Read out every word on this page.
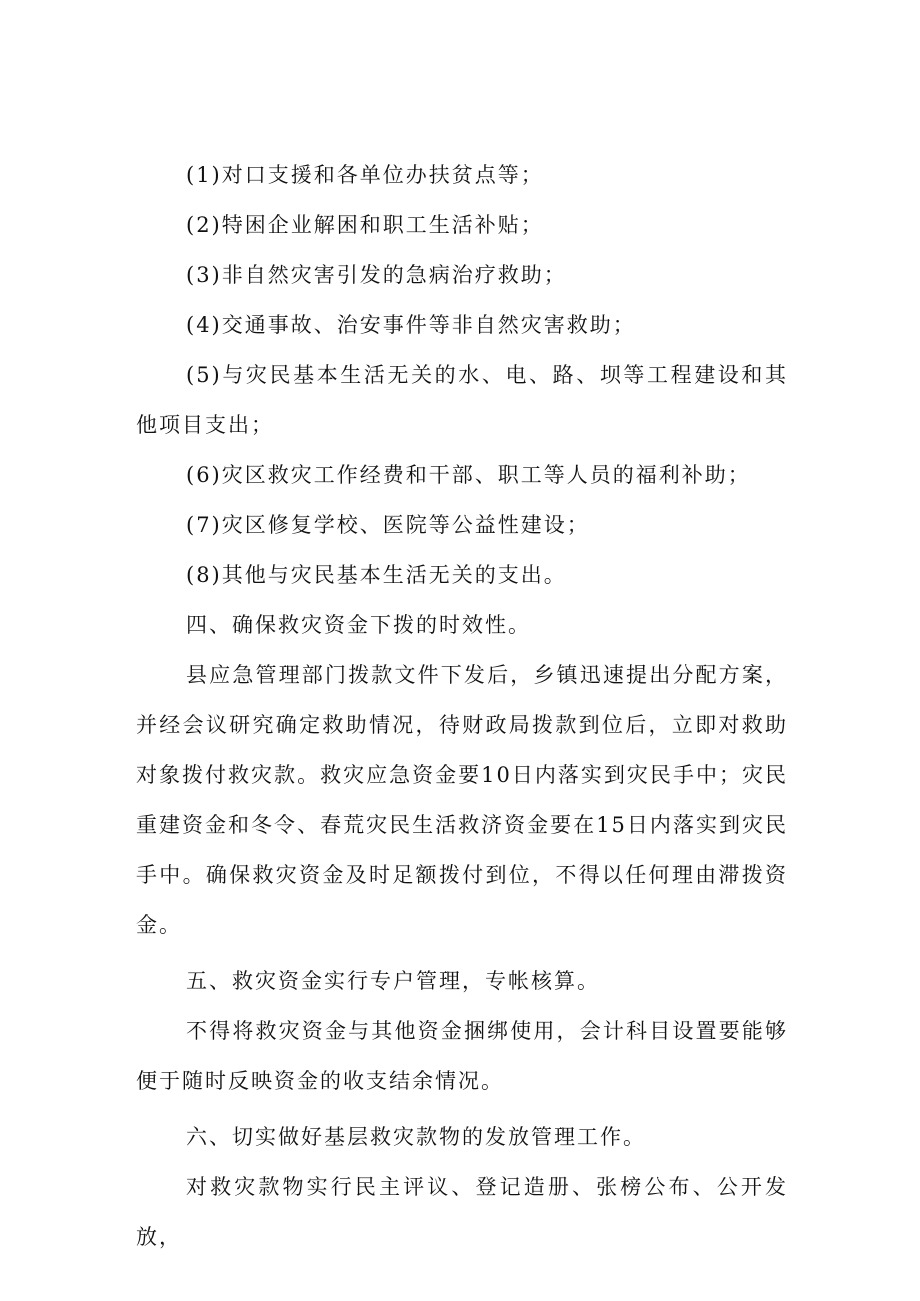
(1)对口支援和各单位办扶贫点等；

(2)特困企业解困和职工生活补贴；

(3)非自然灾害引发的急病治疗救助；

(4)交通事故、治安事件等非自然灾害救助；

(5)与灾民基本生活无关的水、电、路、坝等工程建设和其他项目支出；

(6)灾区救灾工作经费和干部、职工等人员的福利补助；

(7)灾区修复学校、医院等公益性建设；

(8)其他与灾民基本生活无关的支出。

四、确保救灾资金下拨的时效性。

县应急管理部门拨款文件下发后，乡镇迅速提出分配方案，并经会议研究确定救助情况，待财政局拨款到位后，立即对救助对象拨付救灾款。救灾应急资金要10日内落实到灾民手中；灾民重建资金和冬令、春荒灾民生活救济资金要在15日内落实到灾民手中。确保救灾资金及时足额拨付到位，不得以任何理由滞拨资金。

五、救灾资金实行专户管理，专帐核算。

不得将救灾资金与其他资金捆绑使用，会计科目设置要能够便于随时反映资金的收支结余情况。

六、切实做好基层救灾款物的发放管理工作。

对救灾款物实行民主评议、登记造册、张榜公布、公开发放，
